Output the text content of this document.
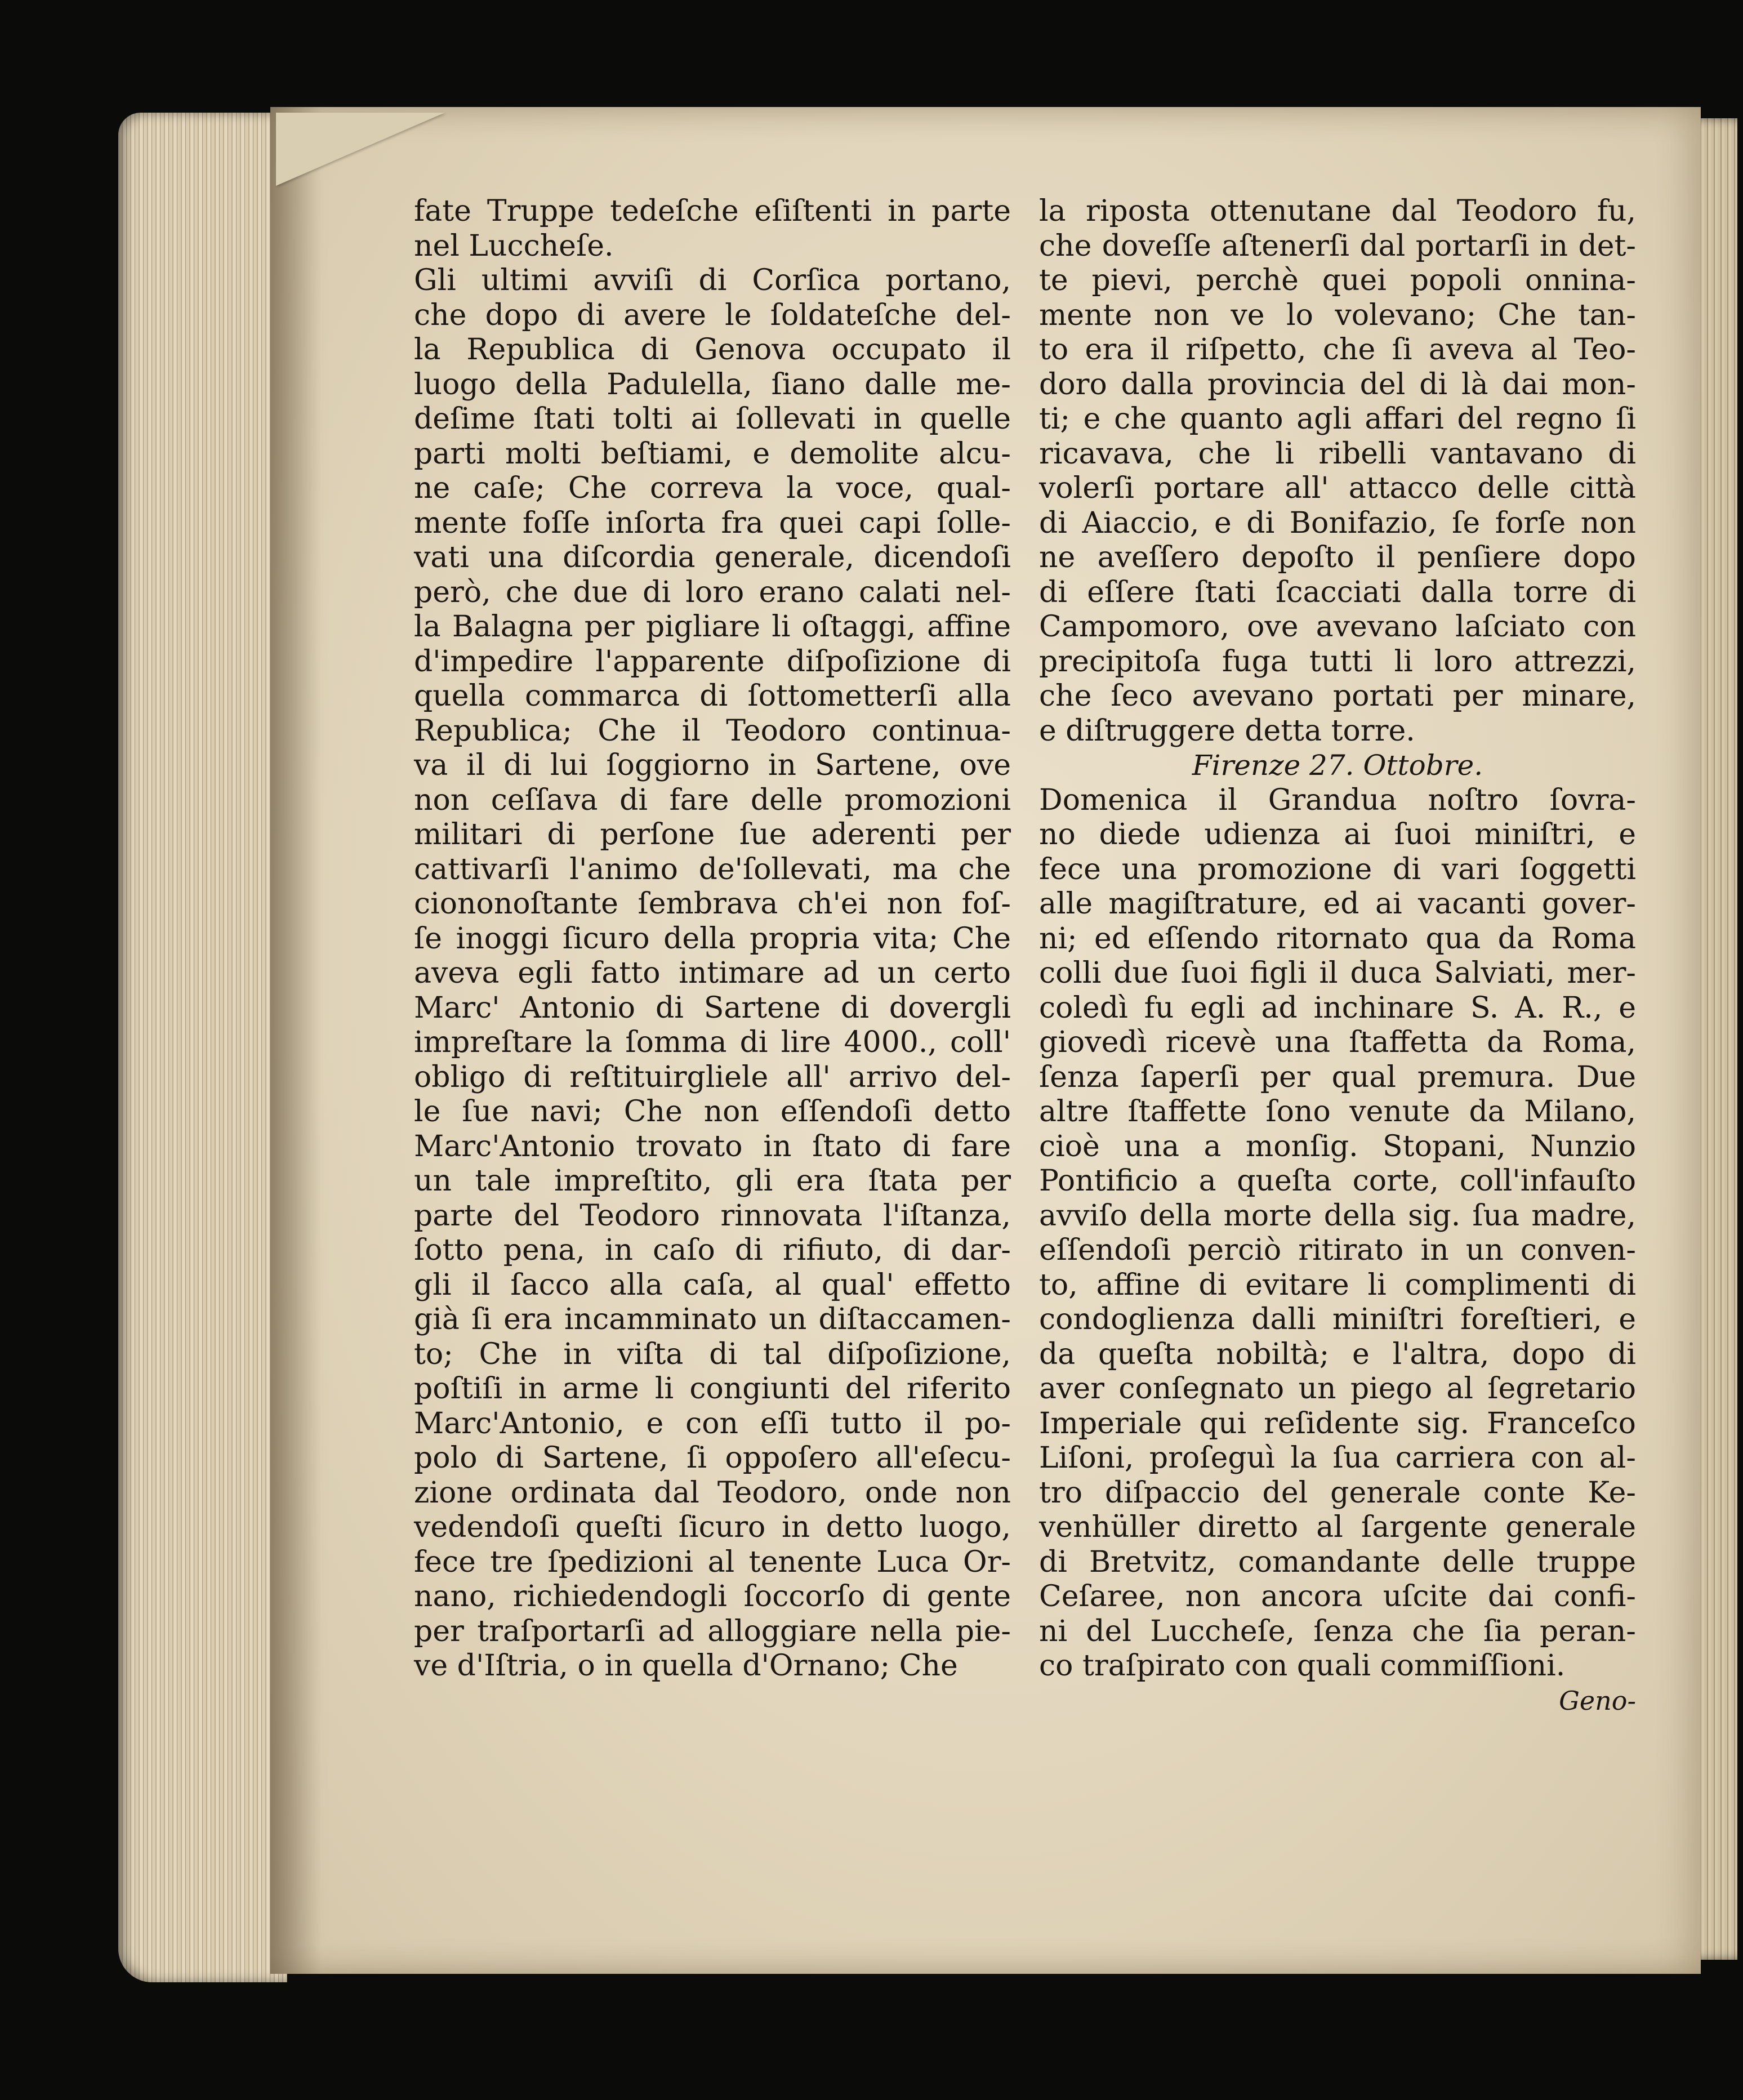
fate Truppe tedeſche eſiſtenti in parte
nel Luccheſe.
Gli ultimi avviſi di Corſica portano,
che dopo di avere le ſoldateſche del-
la Republica di Genova occupato il
luogo della Padulella, ſiano dalle me-
deſime ſtati tolti ai ſollevati in quelle
parti molti beſtiami, e demolite alcu-
ne caſe; Che correva la voce, qual-
mente foſſe inſorta fra quei capi ſolle-
vati una diſcordia generale, dicendoſi
però, che due di loro erano calati nel-
la Balagna per pigliare li oſtaggi, affine
d'impedire l'apparente diſpoſizione di
quella commarca di ſottometterſi alla
Republica; Che il Teodoro continua-
va il di lui ſoggiorno in Sartene, ove
non ceſſava di fare delle promozioni
militari di perſone ſue aderenti per
cattivarſi l'animo de'ſollevati, ma che
ciononoſtante ſembrava ch'ei non foſ-
ſe inoggi ſicuro della propria vita; Che
aveva egli fatto intimare ad un certo
Marc' Antonio di Sartene di dovergli
impreſtare la ſomma di lire 4000., coll'
obligo di reſtituirgliele all' arrivo del-
le ſue navi; Che non eſſendoſi detto
Marc'Antonio trovato in ſtato di fare
un tale impreſtito, gli era ſtata per
parte del Teodoro rinnovata l'iſtanza,
ſotto pena, in caſo di rifiuto, di dar-
gli il ſacco alla caſa, al qual' effetto
già ſi era incamminato un diſtaccamen-
to; Che in viſta di tal diſpoſizione,
poſtiſi in arme li congiunti del riferito
Marc'Antonio, e con eſſi tutto il po-
polo di Sartene, ſi oppoſero all'eſecu-
zione ordinata dal Teodoro, onde non
vedendoſi queſti ſicuro in detto luogo,
fece tre ſpedizioni al tenente Luca Or-
nano, richiedendogli ſoccorſo di gente
per traſportarſi ad alloggiare nella pie-
ve d'Iſtria, o in quella d'Ornano; Che
la riposta ottenutane dal Teodoro fu,
che doveſſe aſtenerſi dal portarſi in det-
te pievi, perchè quei popoli onnina-
mente non ve lo volevano; Che tan-
to era il riſpetto, che ſi aveva al Teo-
doro dalla provincia del di là dai mon-
ti; e che quanto agli affari del regno ſi
ricavava, che li ribelli vantavano di
volerſi portare all' attacco delle città
di Aiaccio, e di Bonifazio, ſe forſe non
ne aveſſero depoſto il penſiere dopo
di eſſere ſtati ſcacciati dalla torre di
Campomoro, ove avevano laſciato con
precipitoſa fuga tutti li loro attrezzi,
che ſeco avevano portati per minare,
e diſtruggere detta torre.
Firenze 27. Ottobre.
Domenica il Grandua noſtro ſovra-
no diede udienza ai ſuoi miniſtri, e
fece una promozione di vari ſoggetti
alle magiſtrature, ed ai vacanti gover-
ni; ed eſſendo ritornato qua da Roma
colli due ſuoi figli il duca Salviati, mer-
coledì fu egli ad inchinare S. A. R., e
giovedì ricevè una ſtaffetta da Roma,
ſenza ſaperſi per qual premura. Due
altre ſtaffette ſono venute da Milano,
cioè una a monſig. Stopani, Nunzio
Pontificio a queſta corte, coll'infauſto
avviſo della morte della sig. ſua madre,
eſſendoſi perciò ritirato in un conven-
to, affine di evitare li complimenti di
condoglienza dalli miniſtri foreſtieri, e
da queſta nobiltà; e l'altra, dopo di
aver conſegnato un piego al ſegretario
Imperiale qui reſidente sig. Franceſco
Liſoni, proſeguì la ſua carriera con al-
tro diſpaccio del generale conte Ke-
venhüller diretto al ſargente generale
di Bretvitz, comandante delle truppe
Ceſaree, non ancora uſcite dai confi-
ni del Luccheſe, ſenza che ſia peran-
co traſpirato con quali commiſſioni.
Geno-
